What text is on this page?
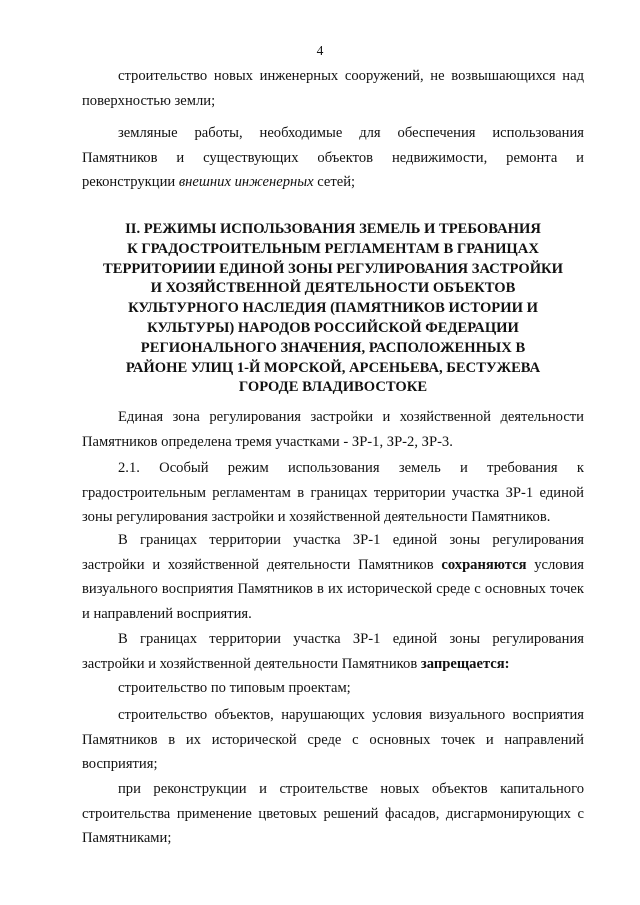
4
строительство новых инженерных сооружений, не возвышающихся над
поверхностью земли;
земляные работы, необходимые для обеспечения использования
Памятников и существующих объектов недвижимости, ремонта и
реконструкции внешних инженерных сетей;
II. РЕЖИМЫ ИСПОЛЬЗОВАНИЯ ЗЕМЕЛЬ И ТРЕБОВАНИЯ
К ГРАДОСТРОИТЕЛЬНЫМ РЕГЛАМЕНТАМ В ГРАНИЦАХ
ТЕРРИТОРИИИ ЕДИНОЙ ЗОНЫ РЕГУЛИРОВАНИЯ ЗАСТРОЙКИ
И ХОЗЯЙСТВЕННОЙ ДЕЯТЕЛЬНОСТИ ОБЪЕКТОВ
КУЛЬТУРНОГО НАСЛЕДИЯ (ПАМЯТНИКОВ ИСТОРИИ И
КУЛЬТУРЫ) НАРОДОВ РОССИЙСКОЙ ФЕДЕРАЦИИ
РЕГИОНАЛЬНОГО ЗНАЧЕНИЯ, РАСПОЛОЖЕННЫХ В
РАЙОНЕ УЛИЦ 1-Й МОРСКОЙ, АРСЕНЬЕВА, БЕСТУЖЕВА
ГОРОДЕ ВЛАДИВОСТОКЕ
Единая зона регулирования застройки и хозяйственной деятельности
Памятников определена тремя участками - ЗР-1, ЗР-2, ЗР-3.
2.1. Особый режим использования земель и требования к
градостроительным регламентам в границах территории участка ЗР-1 единой
зоны регулирования застройки и хозяйственной деятельности Памятников.
В границах территории участка ЗР-1 единой зоны регулирования
застройки и хозяйственной деятельности Памятников сохраняются условия
визуального восприятия Памятников в их исторической среде с основных точек
и направлений восприятия.
В границах территории участка ЗР-1 единой зоны регулирования
застройки и хозяйственной деятельности Памятников запрещается:
строительство по типовым проектам;
строительство объектов, нарушающих условия визуального восприятия
Памятников в их исторической среде с основных точек и направлений
восприятия;
при реконструкции и строительстве новых объектов капитального
строительства применение цветовых решений фасадов, дисгармонирующих с
Памятниками;
